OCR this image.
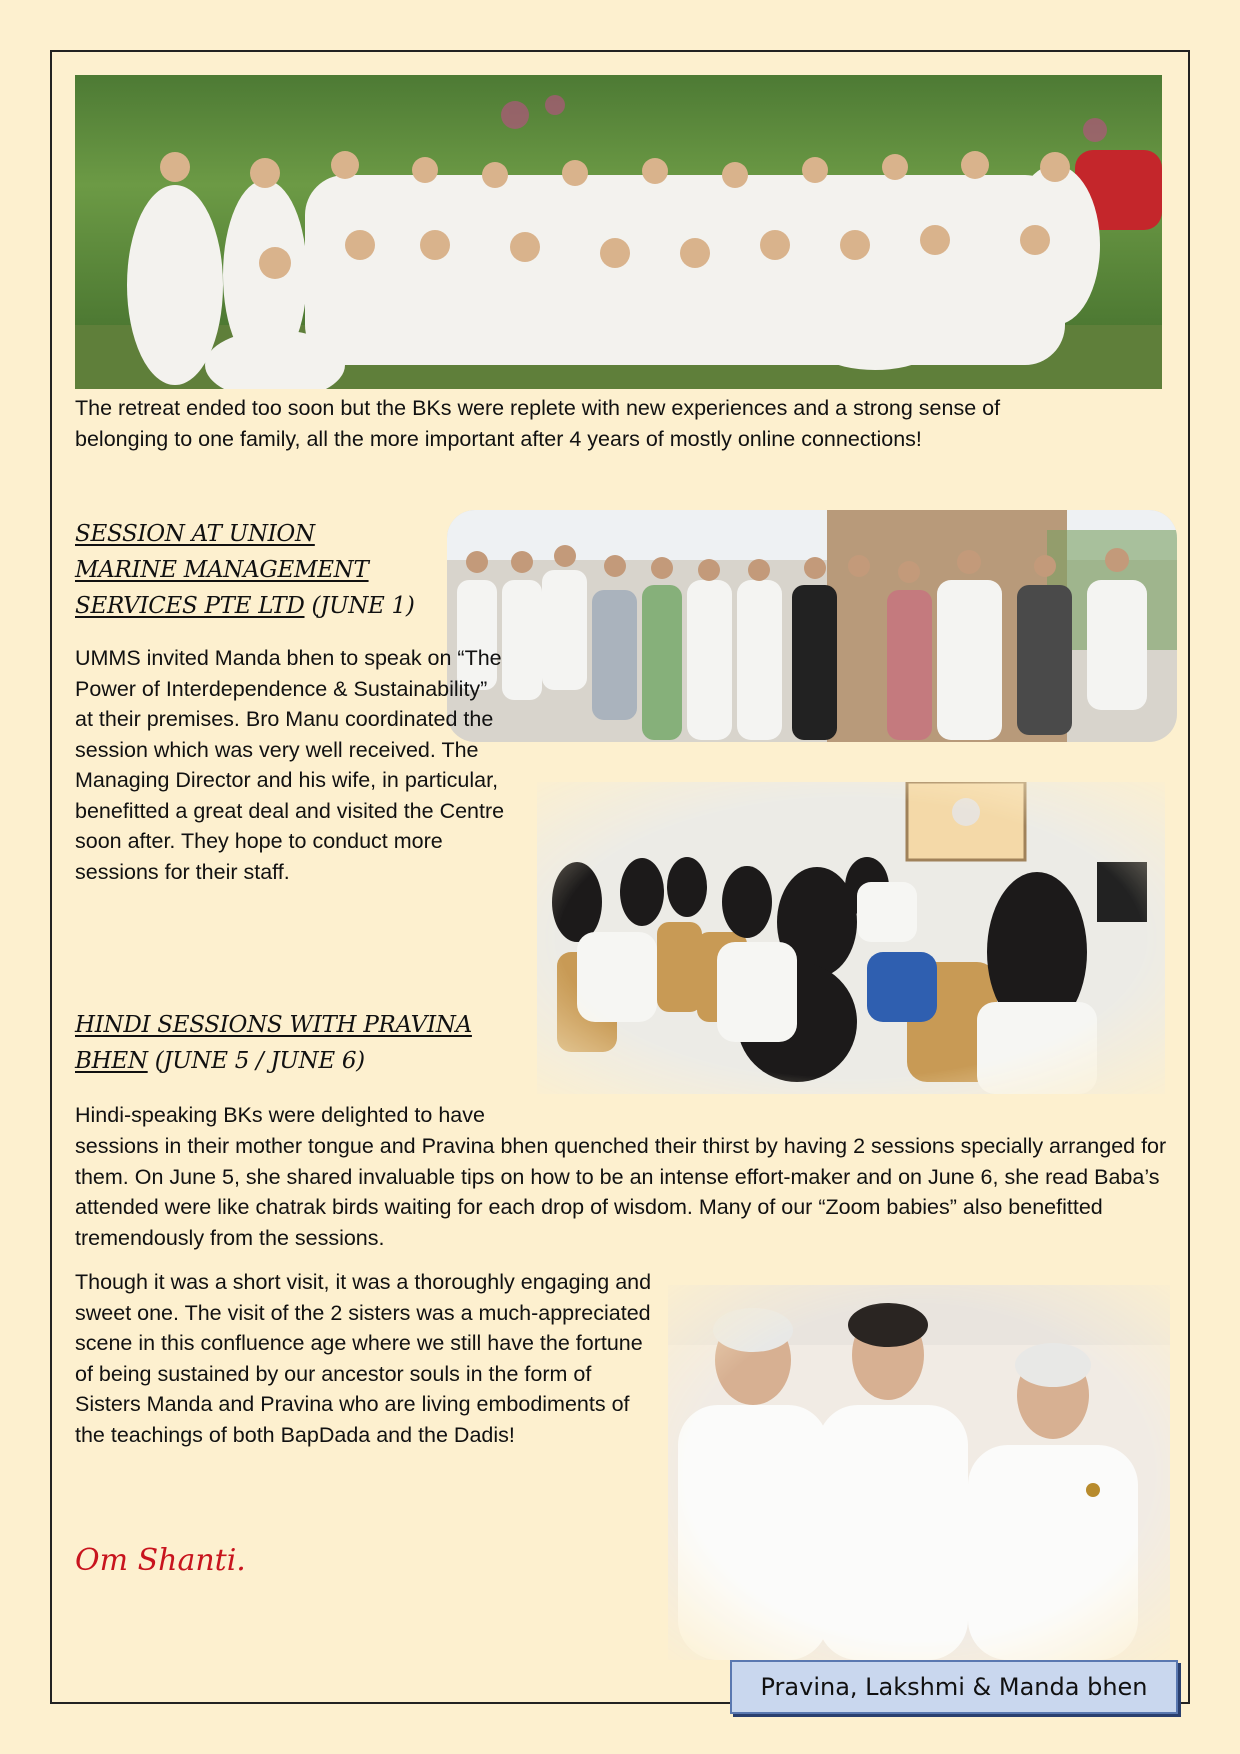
The retreat ended too soon but the BKs were replete with new experiences and a strong sense of belonging to one family, all the more important after 4 years of mostly online connections!
SESSION AT UNION
MARINE MANAGEMENT
SERVICES PTE LTD (JUNE 1)
UMMS invited Manda bhen to speak on “The Power of Interdependence & Sustainability” at their premises. Bro Manu coordinated the session which was very well received. The Managing Director and his wife, in particular, benefitted a great deal and visited the Centre soon after. They hope to conduct more sessions for their staff.
HINDI SESSIONS WITH PRAVINA
BHEN (JUNE 5 / JUNE 6)
Hindi-speaking BKs were delighted to have
sessions in their mother tongue and Pravina bhen quenched their thirst by having 2 sessions specially arranged for them. On June 5, she shared invaluable tips on how to be an intense effort-maker and on June 6, she read Baba’s attended were like chatrak birds waiting for each drop of wisdom. Many of our “Zoom babies” also benefitted tremendously from the sessions.
Though it was a short visit, it was a thoroughly engaging and sweet one. The visit of the 2 sisters was a much-appreciated scene in this confluence age where we still have the fortune of being sustained by our ancestor souls in the form of Sisters Manda and Pravina who are living embodiments of the teachings of both BapDada and the Dadis!
Om Shanti.
Pravina, Lakshmi & Manda bhen
